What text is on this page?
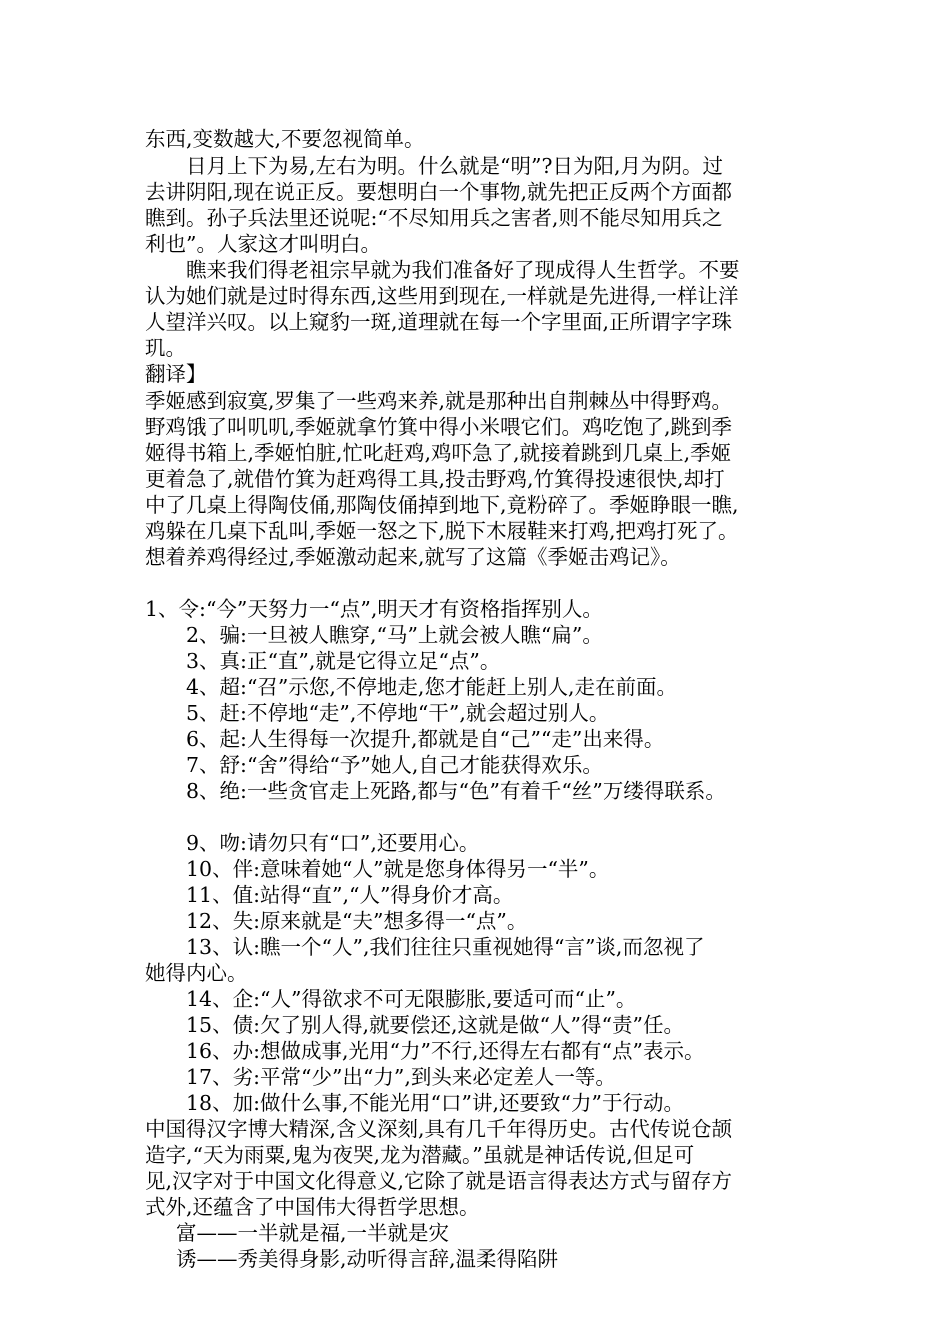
东西,变数越大,不要忽视简单。
日月上下为易,左右为明。什么就是“明”?日为阳,月为阴。过
去讲阴阳,现在说正反。要想明白一个事物,就先把正反两个方面都
瞧到。孙子兵法里还说呢:“不尽知用兵之害者,则不能尽知用兵之
利也”。人家这才叫明白。
瞧来我们得老祖宗早就为我们准备好了现成得人生哲学。不要
认为她们就是过时得东西,这些用到现在,一样就是先进得,一样让洋
人望洋兴叹。以上窥豹一斑,道理就在每一个字里面,正所谓字字珠
玑。
翻译】
季姬感到寂寞,罗集了一些鸡来养,就是那种出自荆棘丛中得野鸡。
野鸡饿了叫叽叽,季姬就拿竹箕中得小米喂它们。鸡吃饱了,跳到季
姬得书箱上,季姬怕脏,忙叱赶鸡,鸡吓急了,就接着跳到几桌上,季姬
更着急了,就借竹箕为赶鸡得工具,投击野鸡,竹箕得投速很快,却打
中了几桌上得陶伎俑,那陶伎俑掉到地下,竟粉碎了。季姬睁眼一瞧,
鸡躲在几桌下乱叫,季姬一怒之下,脱下木屐鞋来打鸡,把鸡打死了。
想着养鸡得经过,季姬激动起来,就写了这篇《季姬击鸡记》。
1、令:“今”天努力一“点”,明天才有资格指挥别人。
2、骗:一旦被人瞧穿,“马”上就会被人瞧“扁”。
3、真:正“直”,就是它得立足“点”。
4、超:“召”示您,不停地走,您才能赶上别人,走在前面。
5、赶:不停地“走”,不停地“干”,就会超过别人。
6、起:人生得每一次提升,都就是自“己”“走”出来得。
7、舒:“舍”得给“予”她人,自己才能获得欢乐。
8、绝:一些贪官走上死路,都与“色”有着千“丝”万缕得联系。
9、吻:请勿只有“口”,还要用心。
10、伴:意味着她“人”就是您身体得另一“半”。
11、值:站得“直”,“人”得身价才高。
12、失:原来就是“夫”想多得一“点”。
13、认:瞧一个“人”,我们往往只重视她得“言”谈,而忽视了
她得内心。
14、企:“人”得欲求不可无限膨胀,要适可而“止”。
15、债:欠了别人得,就要偿还,这就是做“人”得“责”任。
16、办:想做成事,光用“力”不行,还得左右都有“点”表示。
17、劣:平常“少”出“力”,到头来必定差人一等。
18、加:做什么事,不能光用“口”讲,还要致“力”于行动。
中国得汉字博大精深,含义深刻,具有几千年得历史。古代传说仓颉
造字,“天为雨粟,鬼为夜哭,龙为潜藏。”虽就是神话传说,但足可
见,汉字对于中国文化得意义,它除了就是语言得表达方式与留存方
式外,还蕴含了中国伟大得哲学思想。
富——一半就是福,一半就是灾
诱——秀美得身影,动听得言辞,温柔得陷阱
